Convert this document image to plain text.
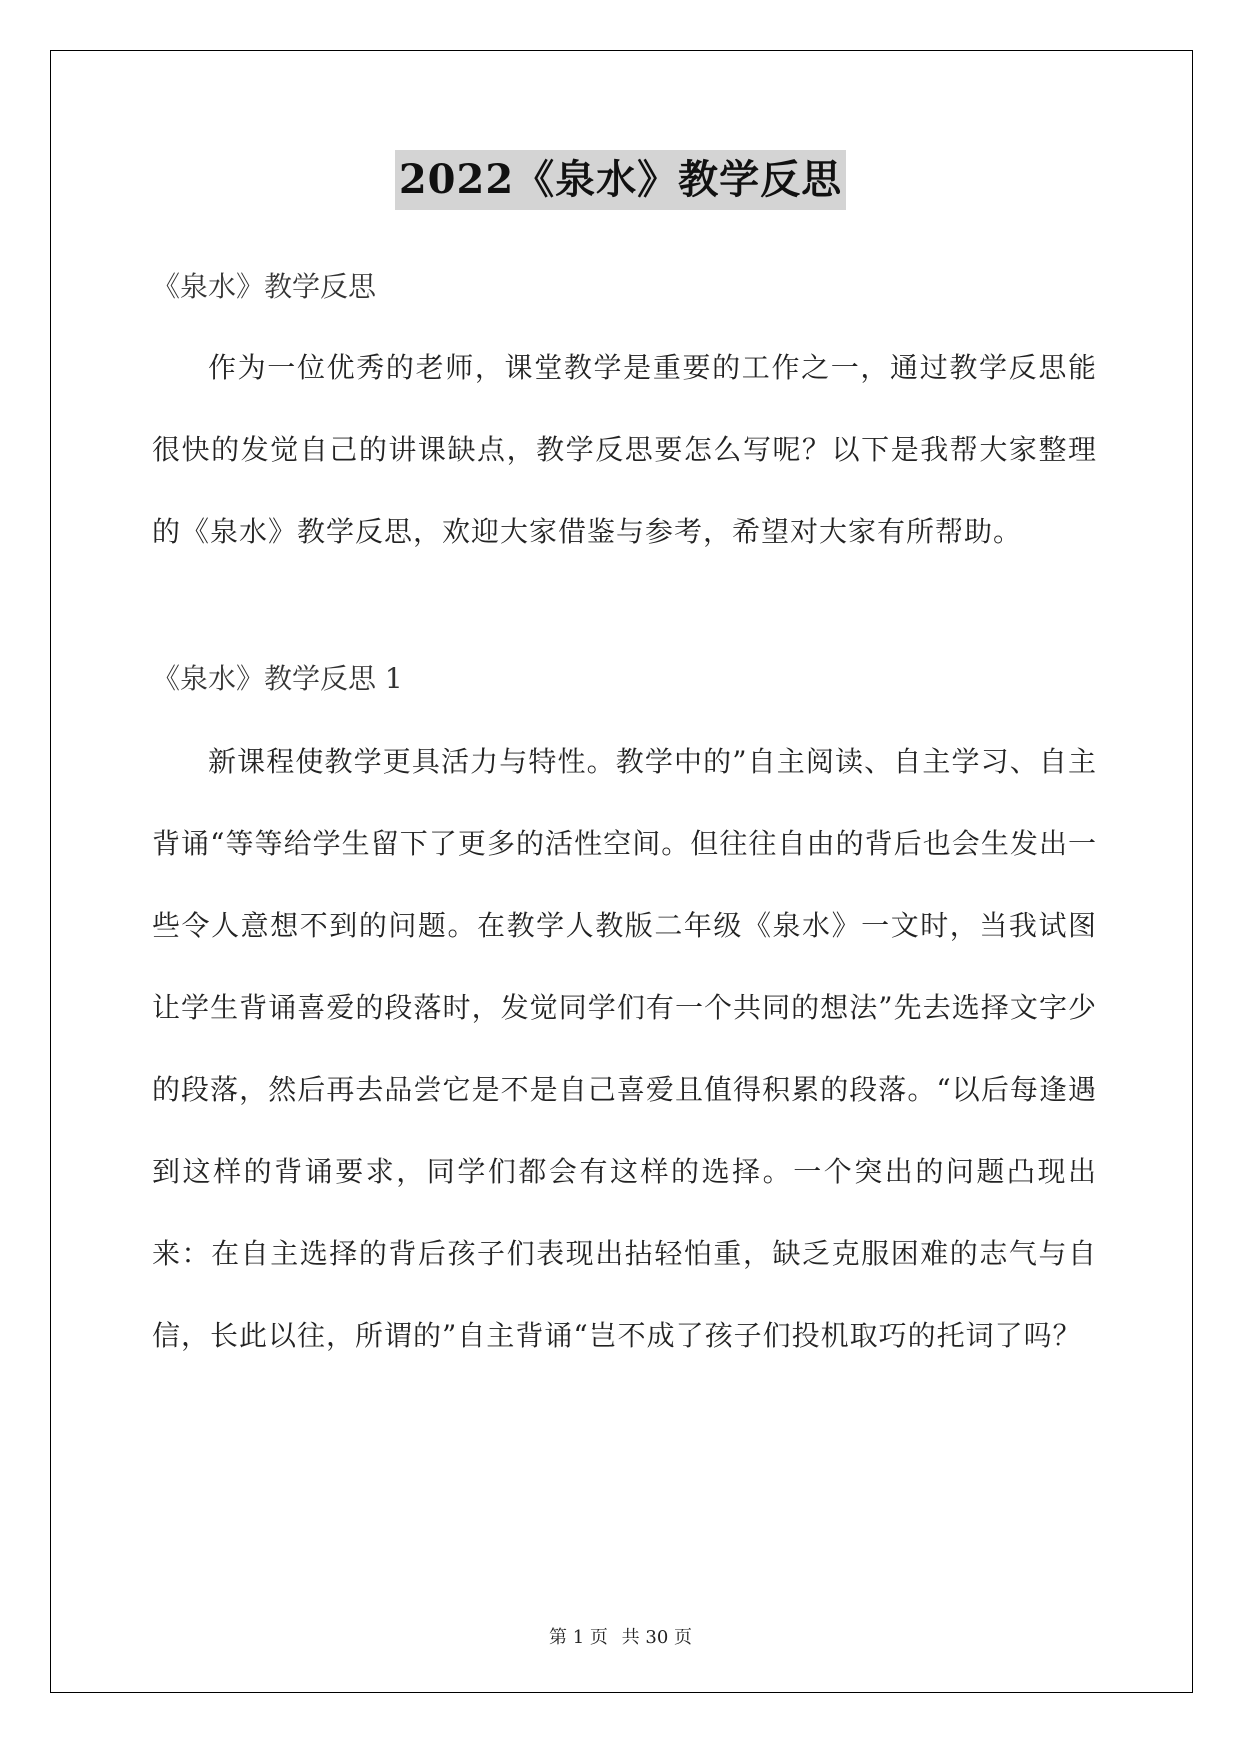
2022《泉水》教学反思

《泉水》教学反思

作为一位优秀的老师，课堂教学是重要的工作之一，通过教学反思能很快的发觉自己的讲课缺点，教学反思要怎么写呢？以下是我帮大家整理的《泉水》教学反思，欢迎大家借鉴与参考，希望对大家有所帮助。

《泉水》教学反思 1

新课程使教学更具活力与特性。教学中的”自主阅读、自主学习、自主背诵“等等给学生留下了更多的活性空间。但往往自由的背后也会生发出一些令人意想不到的问题。在教学人教版二年级《泉水》一文时，当我试图让学生背诵喜爱的段落时，发觉同学们有一个共同的想法”先去选择文字少的段落，然后再去品尝它是不是自己喜爱且值得积累的段落。“以后每逢遇到这样的背诵要求，同学们都会有这样的选择。一个突出的问题凸现出来：在自主选择的背后孩子们表现出拈轻怕重，缺乏克服困难的志气与自信，长此以往，所谓的”自主背诵“岂不成了孩子们投机取巧的托词了吗？

第 1 页 共 30 页
